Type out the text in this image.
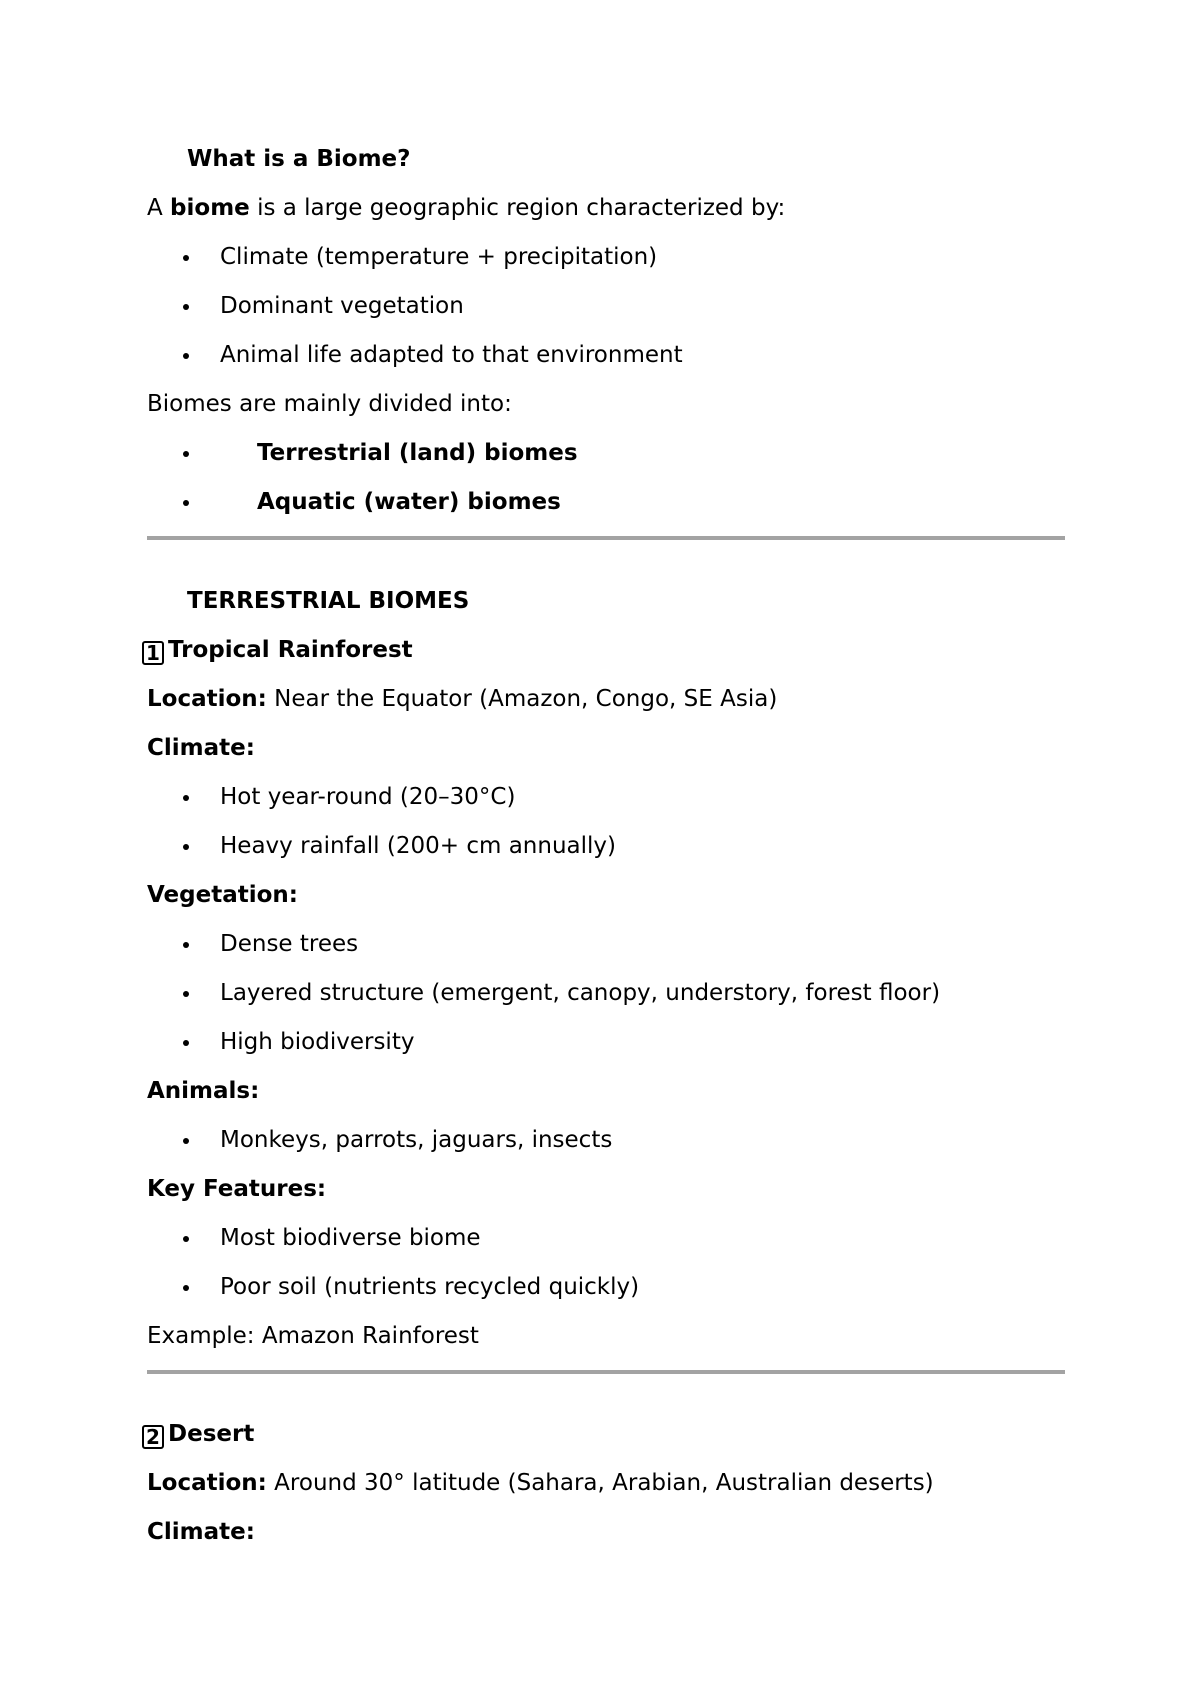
What is a Biome?
A biome is a large geographic region characterized by:
Climate (temperature + precipitation)
Dominant vegetation
Animal life adapted to that environment
Biomes are mainly divided into:
Terrestrial (land) biomes
Aquatic (water) biomes
TERRESTRIAL BIOMES
1 Tropical Rainforest
Location: Near the Equator (Amazon, Congo, SE Asia)
Climate:
Hot year-round (20–30°C)
Heavy rainfall (200+ cm annually)
Vegetation:
Dense trees
Layered structure (emergent, canopy, understory, forest floor)
High biodiversity
Animals:
Monkeys, parrots, jaguars, insects
Key Features:
Most biodiverse biome
Poor soil (nutrients recycled quickly)
Example: Amazon Rainforest
2 Desert
Location: Around 30° latitude (Sahara, Arabian, Australian deserts)
Climate:
